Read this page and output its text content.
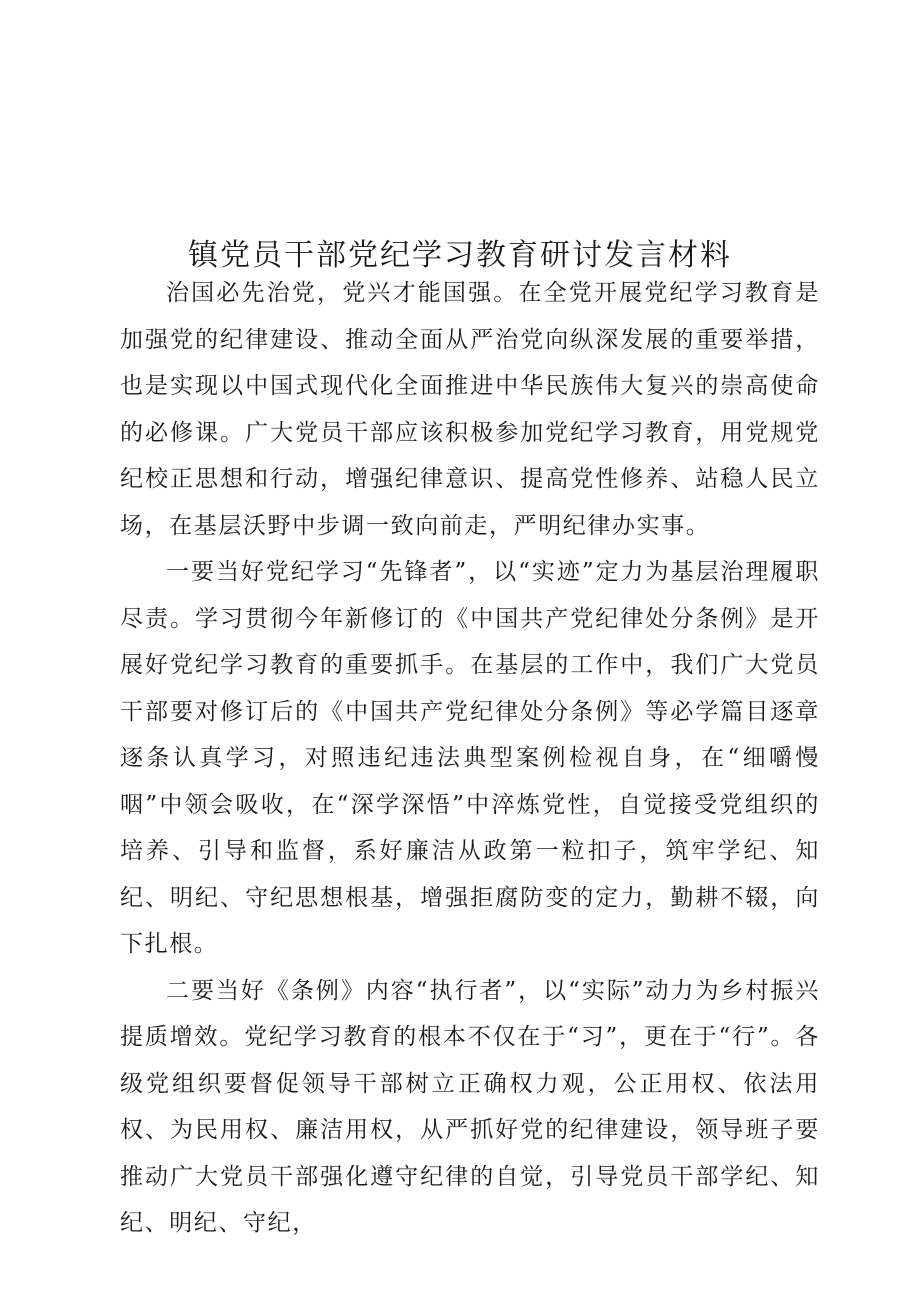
镇党员干部党纪学习教育研讨发言材料

治国必先治党，党兴才能国强。在全党开展党纪学习教育是加强党的纪律建设、推动全面从严治党向纵深发展的重要举措，也是实现以中国式现代化全面推进中华民族伟大复兴的崇高使命的必修课。广大党员干部应该积极参加党纪学习教育，用党规党纪校正思想和行动，增强纪律意识、提高党性修养、站稳人民立场，在基层沃野中步调一致向前走，严明纪律办实事。

一要当好党纪学习“先锋者”，以“实迹”定力为基层治理履职尽责。学习贯彻今年新修订的《中国共产党纪律处分条例》是开展好党纪学习教育的重要抓手。在基层的工作中，我们广大党员干部要对修订后的《中国共产党纪律处分条例》等必学篇目逐章逐条认真学习，对照违纪违法典型案例检视自身，在“细嚼慢咽”中领会吸收，在“深学深悟”中淬炼党性，自觉接受党组织的培养、引导和监督，系好廉洁从政第一粒扣子，筑牢学纪、知纪、明纪、守纪思想根基，增强拒腐防变的定力，勤耕不辍，向下扎根。

二要当好《条例》内容“执行者”，以“实际”动力为乡村振兴提质增效。党纪学习教育的根本不仅在于“习”，更在于“行”。各级党组织要督促领导干部树立正确权力观，公正用权、依法用权、为民用权、廉洁用权，从严抓好党的纪律建设，领导班子要推动广大党员干部强化遵守纪律的自觉，引导党员干部学纪、知纪、明纪、守纪，
